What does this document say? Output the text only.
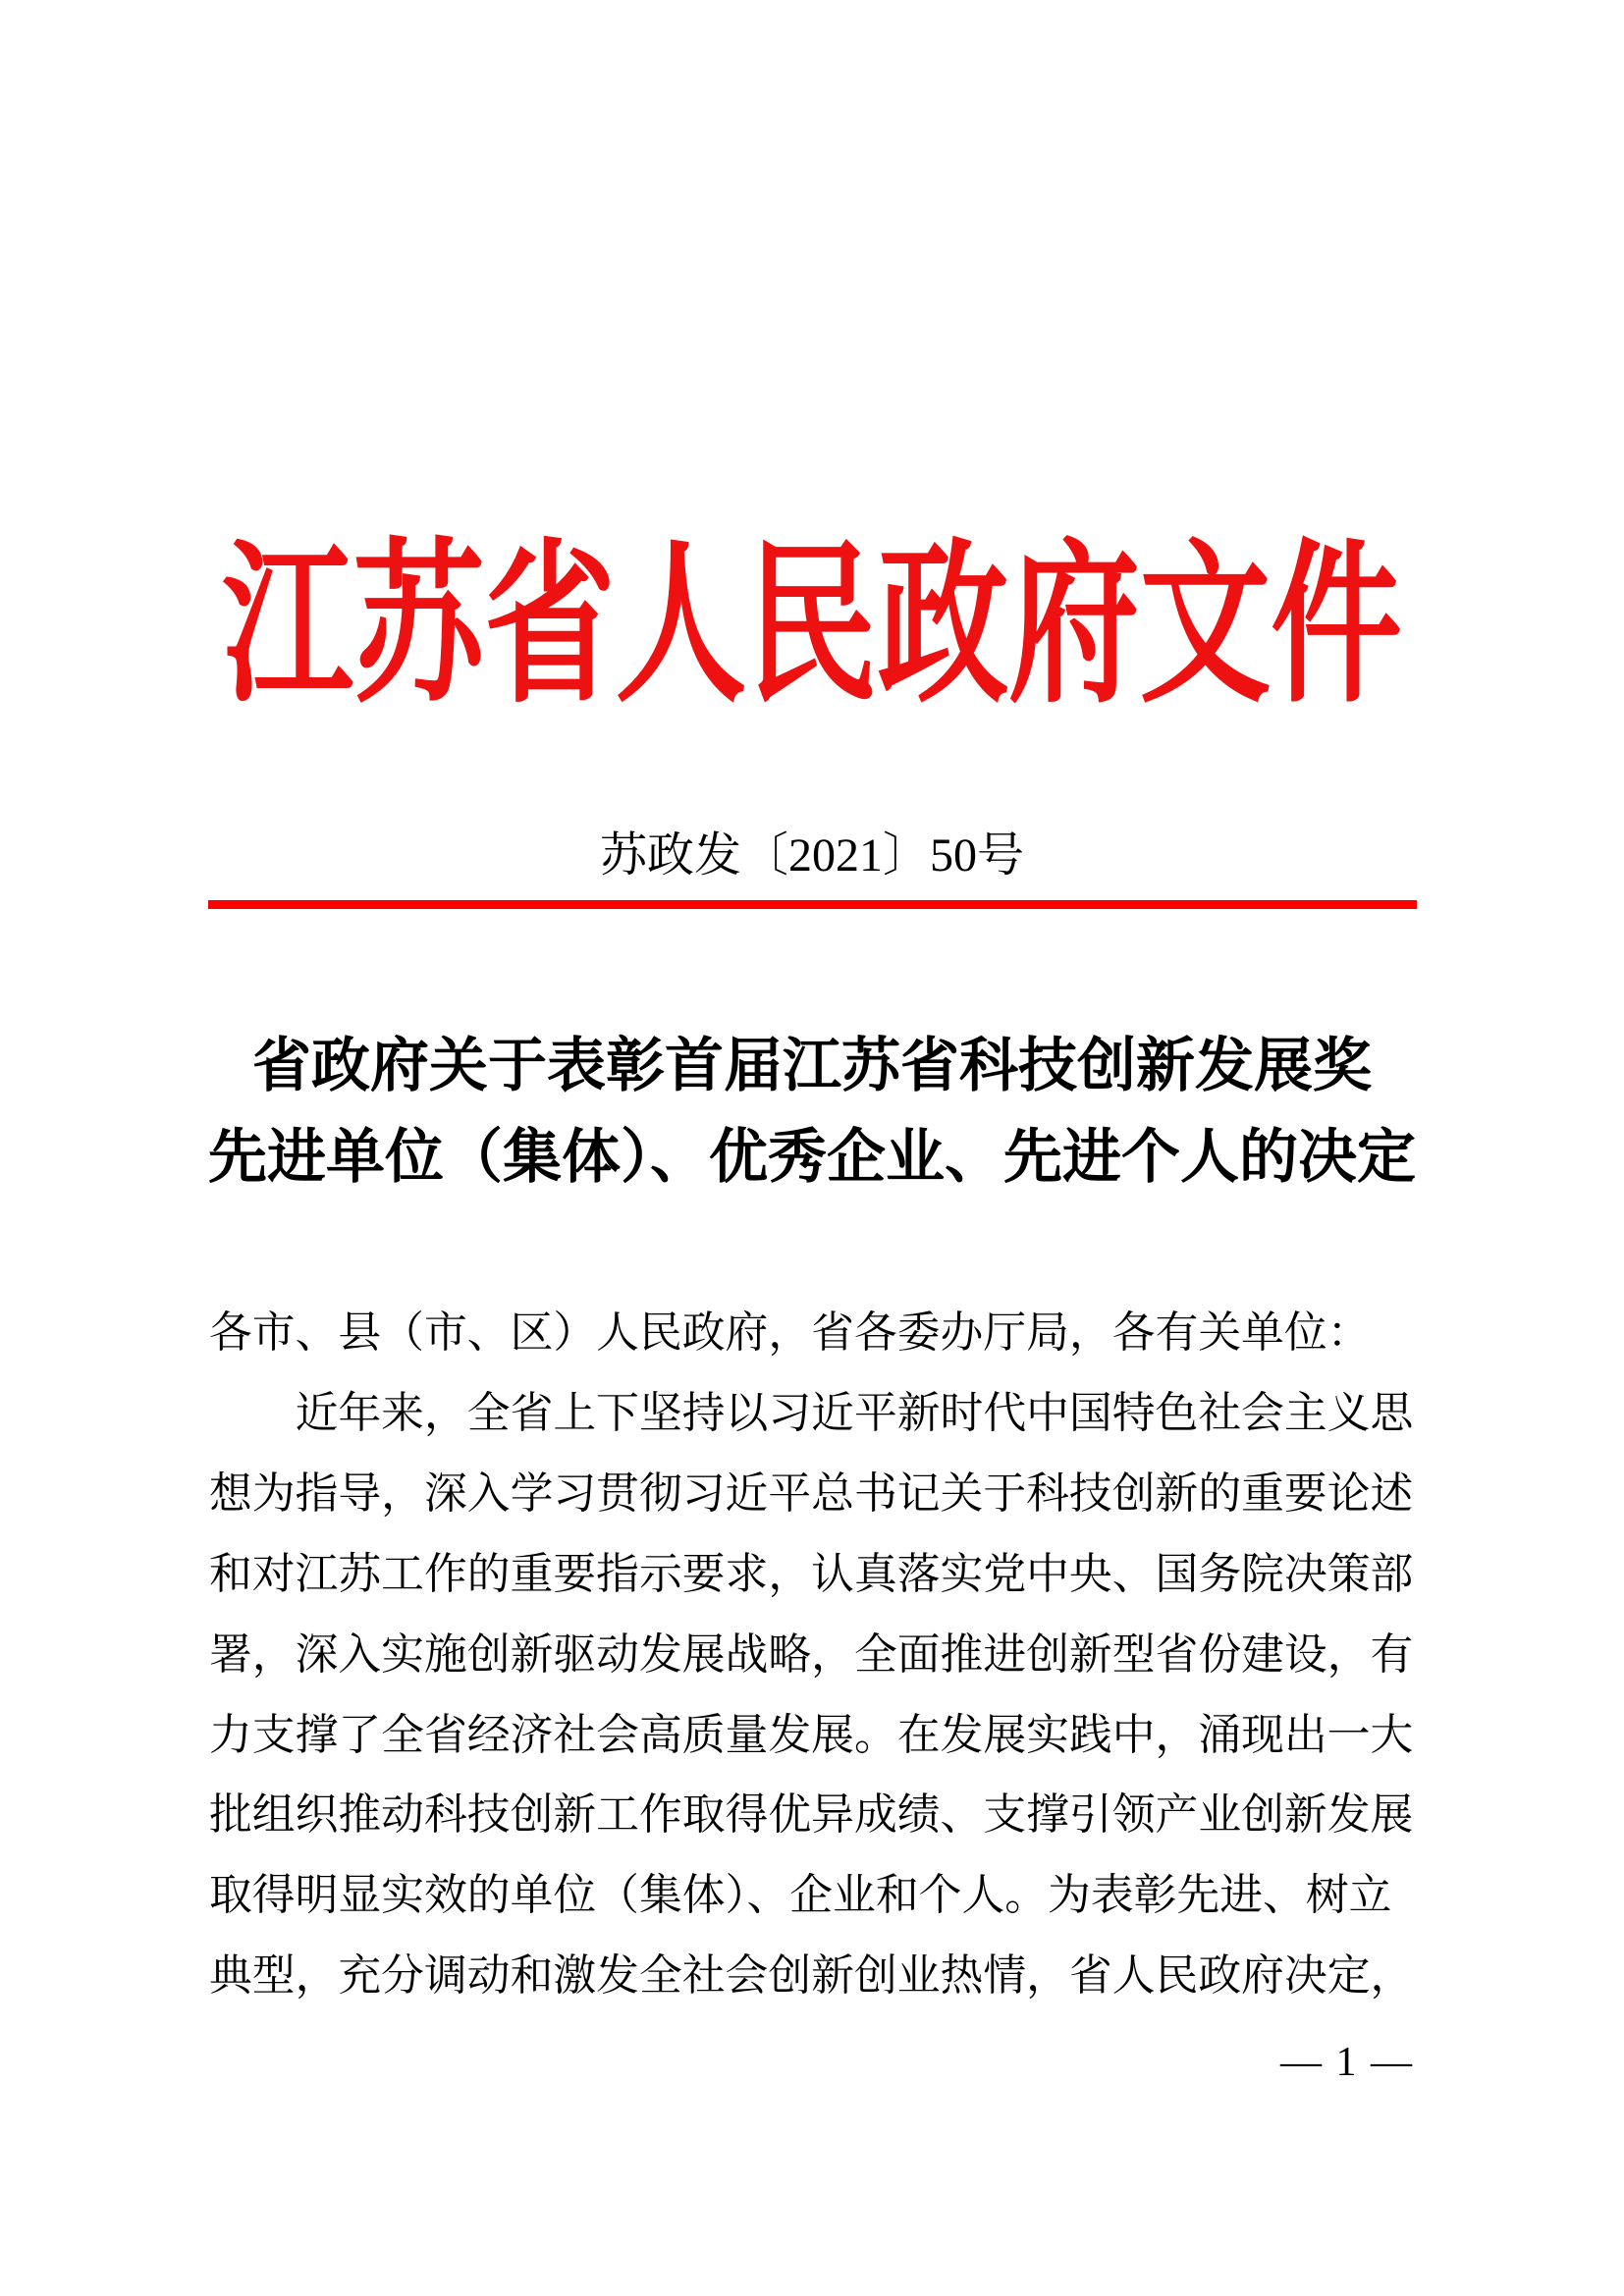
江苏省人民政府文件
苏政发〔2021〕50号
省政府关于表彰首届江苏省科技创新发展奖
先进单位（集体）、优秀企业、先进个人的决定
各市、县（市、区）人民政府，省各委办厅局，各有关单位：
近年来，全省上下坚持以习近平新时代中国特色社会主义思
想为指导，深入学习贯彻习近平总书记关于科技创新的重要论述
和对江苏工作的重要指示要求，认真落实党中央、国务院决策部
署，深入实施创新驱动发展战略，全面推进创新型省份建设，有
力支撑了全省经济社会高质量发展。在发展实践中，涌现出一大
批组织推动科技创新工作取得优异成绩、支撑引领产业创新发展
取得明显实效的单位（集体）、企业和个人。为表彰先进、树立
典型，充分调动和激发全社会创新创业热情，省人民政府决定，
— 1 —
